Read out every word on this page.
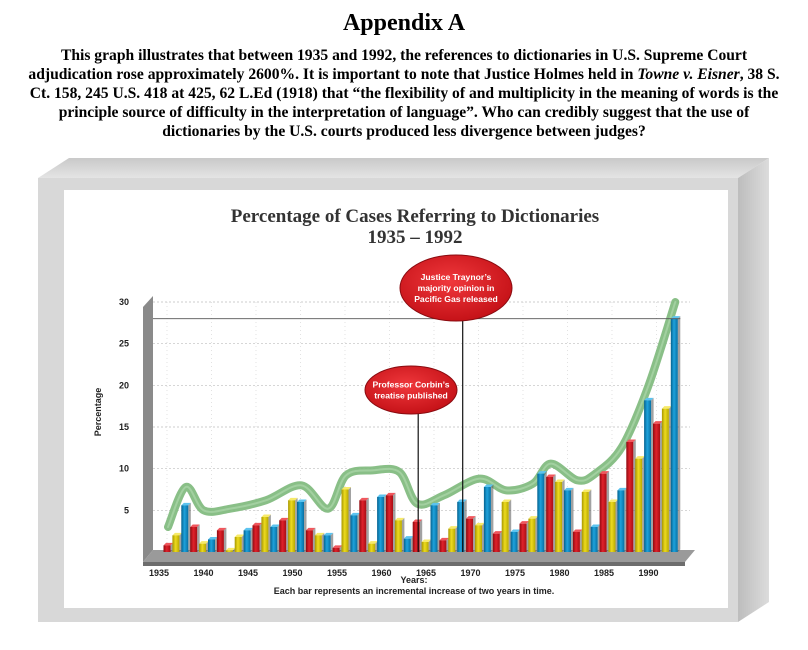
Appendix A
This graph illustrates that between 1935 and 1992, the references to dictionaries in U.S. Supreme Court adjudication rose approximately 2600%. It is important to note that Justice Holmes held in Towne v. Eisner, 38 S. Ct. 158, 245 U.S. 418 at 425, 62 L.Ed (1918) that “the flexibility of and multiplicity in the meaning of words is the principle source of difficulty in the interpretation of language”. Who can credibly suggest that the use of dictionaries by the U.S. courts produced less divergence between judges?
Percentage of Cases Referring to Dictionaries
1935 – 1992
5
10
15
20
25
30
1935	1940	1945	1950	1955	1960	1965	1970	1975	1980	1985	1990
Professor Corbin’s
treatise published
Justice Traynor’s
majority opinion in
Pacific Gas released
Percentage
Years:
Each bar represents an incremental increase of two years in time.
